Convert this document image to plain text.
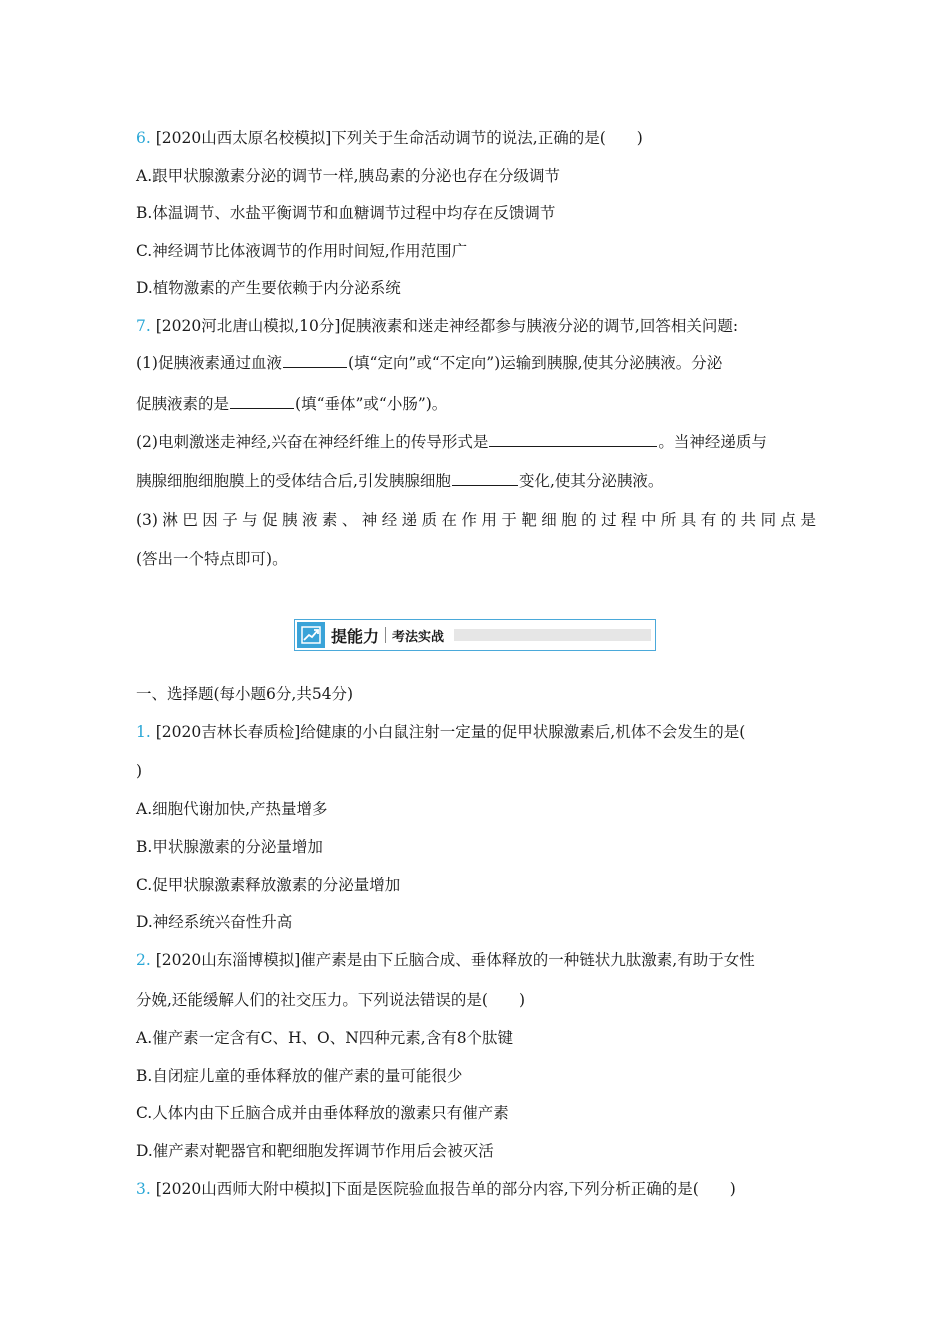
6. [2020山西太原名校模拟]下列关于生命活动调节的说法,正确的是(　　)
A.跟甲状腺激素分泌的调节一样,胰岛素的分泌也存在分级调节
B.体温调节、水盐平衡调节和血糖调节过程中均存在反馈调节
C.神经调节比体液调节的作用时间短,作用范围广
D.植物激素的产生要依赖于内分泌系统
7. [2020河北唐山模拟,10分]促胰液素和迷走神经都参与胰液分泌的调节,回答相关问题:
(1)促胰液素通过血液	(填“定向”或“不定向”)运输到胰腺,使其分泌胰液。分泌
促胰液素的是	(填“垂体”或“小肠”)。
(2)电刺激迷走神经,兴奋在神经纤维上的传导形式是	。当神经递质与
胰腺细胞细胞膜上的受体结合后,引发胰腺细胞	变化,使其分泌胰液。
(3)淋巴因子与促胰液素、神经递质在作用于靶细胞的过程中所具有的共同点是
(答出一个特点即可)。
提能力 考法实战
一、选择题(每小题6分,共54分)
1. [2020吉林长春质检]给健康的小白鼠注射一定量的促甲状腺激素后,机体不会发生的是(
)
A.细胞代谢加快,产热量增多
B.甲状腺激素的分泌量增加
C.促甲状腺激素释放激素的分泌量增加
D.神经系统兴奋性升高
2. [2020山东淄博模拟]催产素是由下丘脑合成、垂体释放的一种链状九肽激素,有助于女性
分娩,还能缓解人们的社交压力。下列说法错误的是(　　)
A.催产素一定含有C、H、O、N四种元素,含有8个肽键
B.自闭症儿童的垂体释放的催产素的量可能很少
C.人体内由下丘脑合成并由垂体释放的激素只有催产素
D.催产素对靶器官和靶细胞发挥调节作用后会被灭活
3. [2020山西师大附中模拟]下面是医院验血报告单的部分内容,下列分析正确的是(　　)
